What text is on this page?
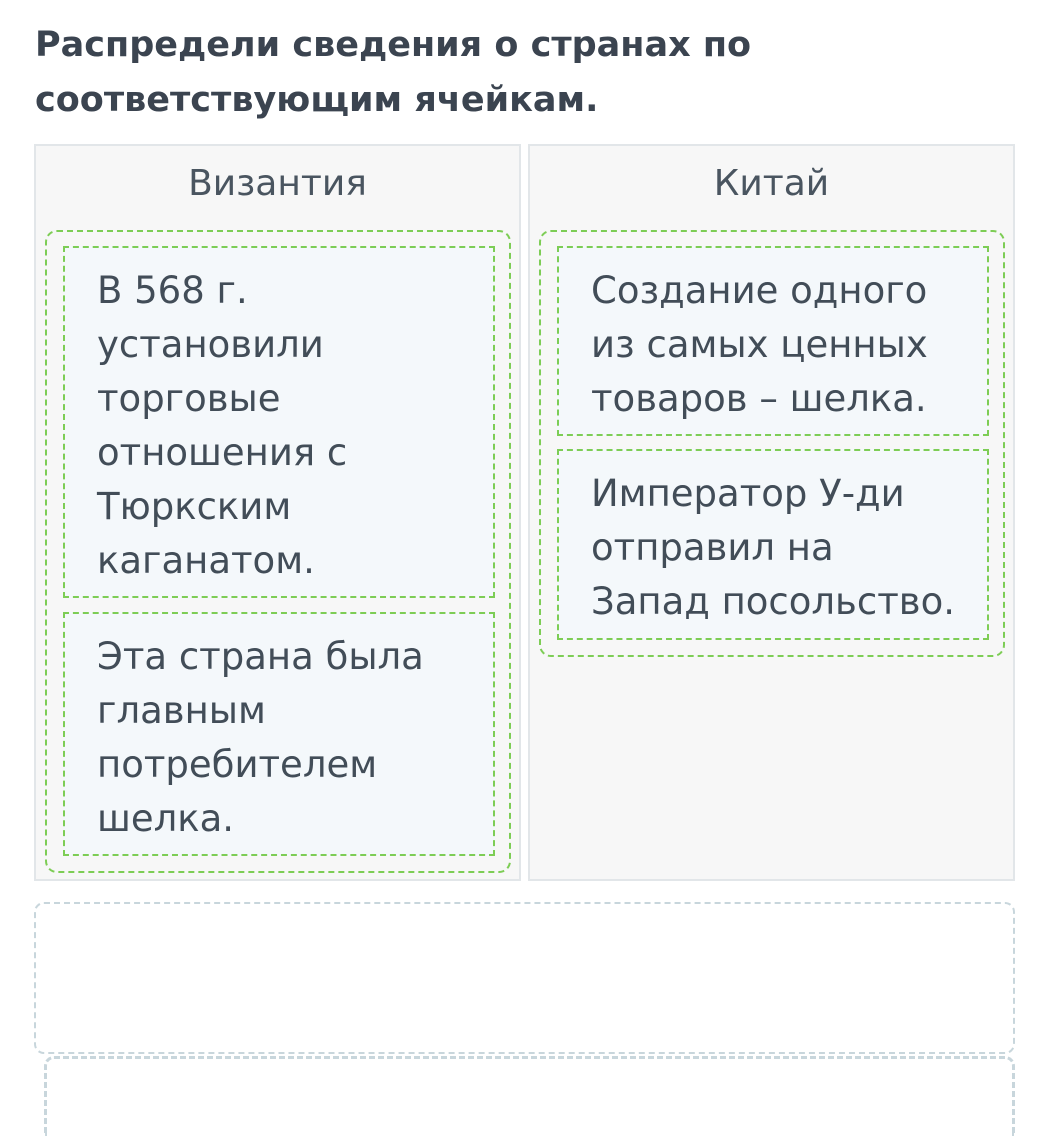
Распредели сведения о странах по соответствующим ячейкам.
Византия
В 568 г. установили торговые отношения с Тюркским каганатом.
Эта страна была главным потребителем шелка.
Китай
Создание одного из самых ценных товаров – шелка.
Император У-ди отправил на Запад посольство.
